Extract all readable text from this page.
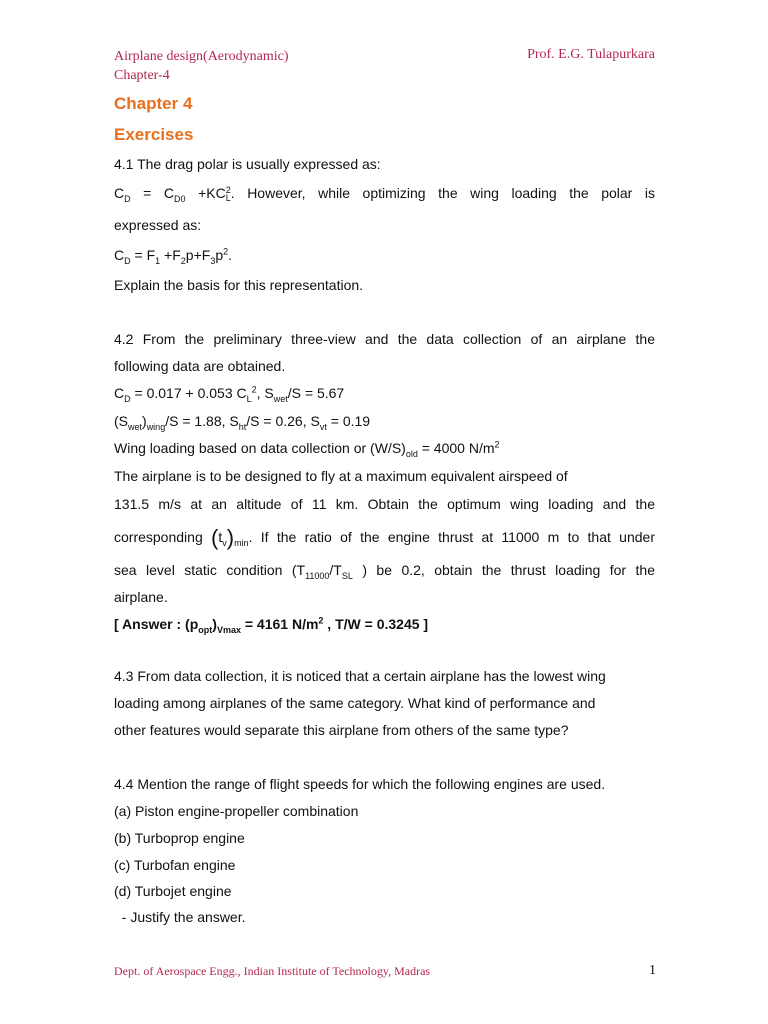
Airplane design(Aerodynamic)
Chapter-4
Prof. E.G. Tulapurkara
Chapter 4
Exercises
4.1 The drag polar is usually expressed as:
$C_D = C_{D0} +KC$ 2
L . However, while optimizing the wing loading the polar is
expressed as:
$C_D = F_1 +F_2p+F_3p^2$.
Explain the basis for this representation.
4.2 From the preliminary three-view and the data collection of an airplane the
following data are obtained.
$C_D = 0.017 + 0.053$ $C_L^2$, $S_{wet}/S = 5.67$
$(S_{wet})_{wing}/S = 1.88$, $S_{ht}/S = 0.26$, $S_{vt} = 0.19$
Wing loading based on data collection or $(W/S)_{old} = 4000$ $N/m^2$
The airplane is to be designed to fly at a maximum equivalent airspeed of
131.5 m/s at an altitude of 11 km. Obtain the optimum wing loading and the
corresponding $(t_v)_{min}$. If the ratio of the engine thrust at 11000 m to that under
sea level static condition ($T_{11000}/T_{SL}$ ) be 0.2, obtain the thrust loading for the
airplane.
[ Answer : $(p_{opt})_{Vmax} = 4161$ $N/m^2$ , T/W = 0.3245 ]
4.3 From data collection, it is noticed that a certain airplane has the lowest wing
loading among airplanes of the same category. What kind of performance and
other features would separate this airplane from others of the same type?
4.4 Mention the range of flight speeds for which the following engines are used.
(a) Piston engine-propeller combination
(b) Turboprop engine
(c) Turbofan engine
(d) Turbojet engine
- Justify the answer.
Dept. of Aerospace Engg., Indian Institute of Technology, Madras	1
